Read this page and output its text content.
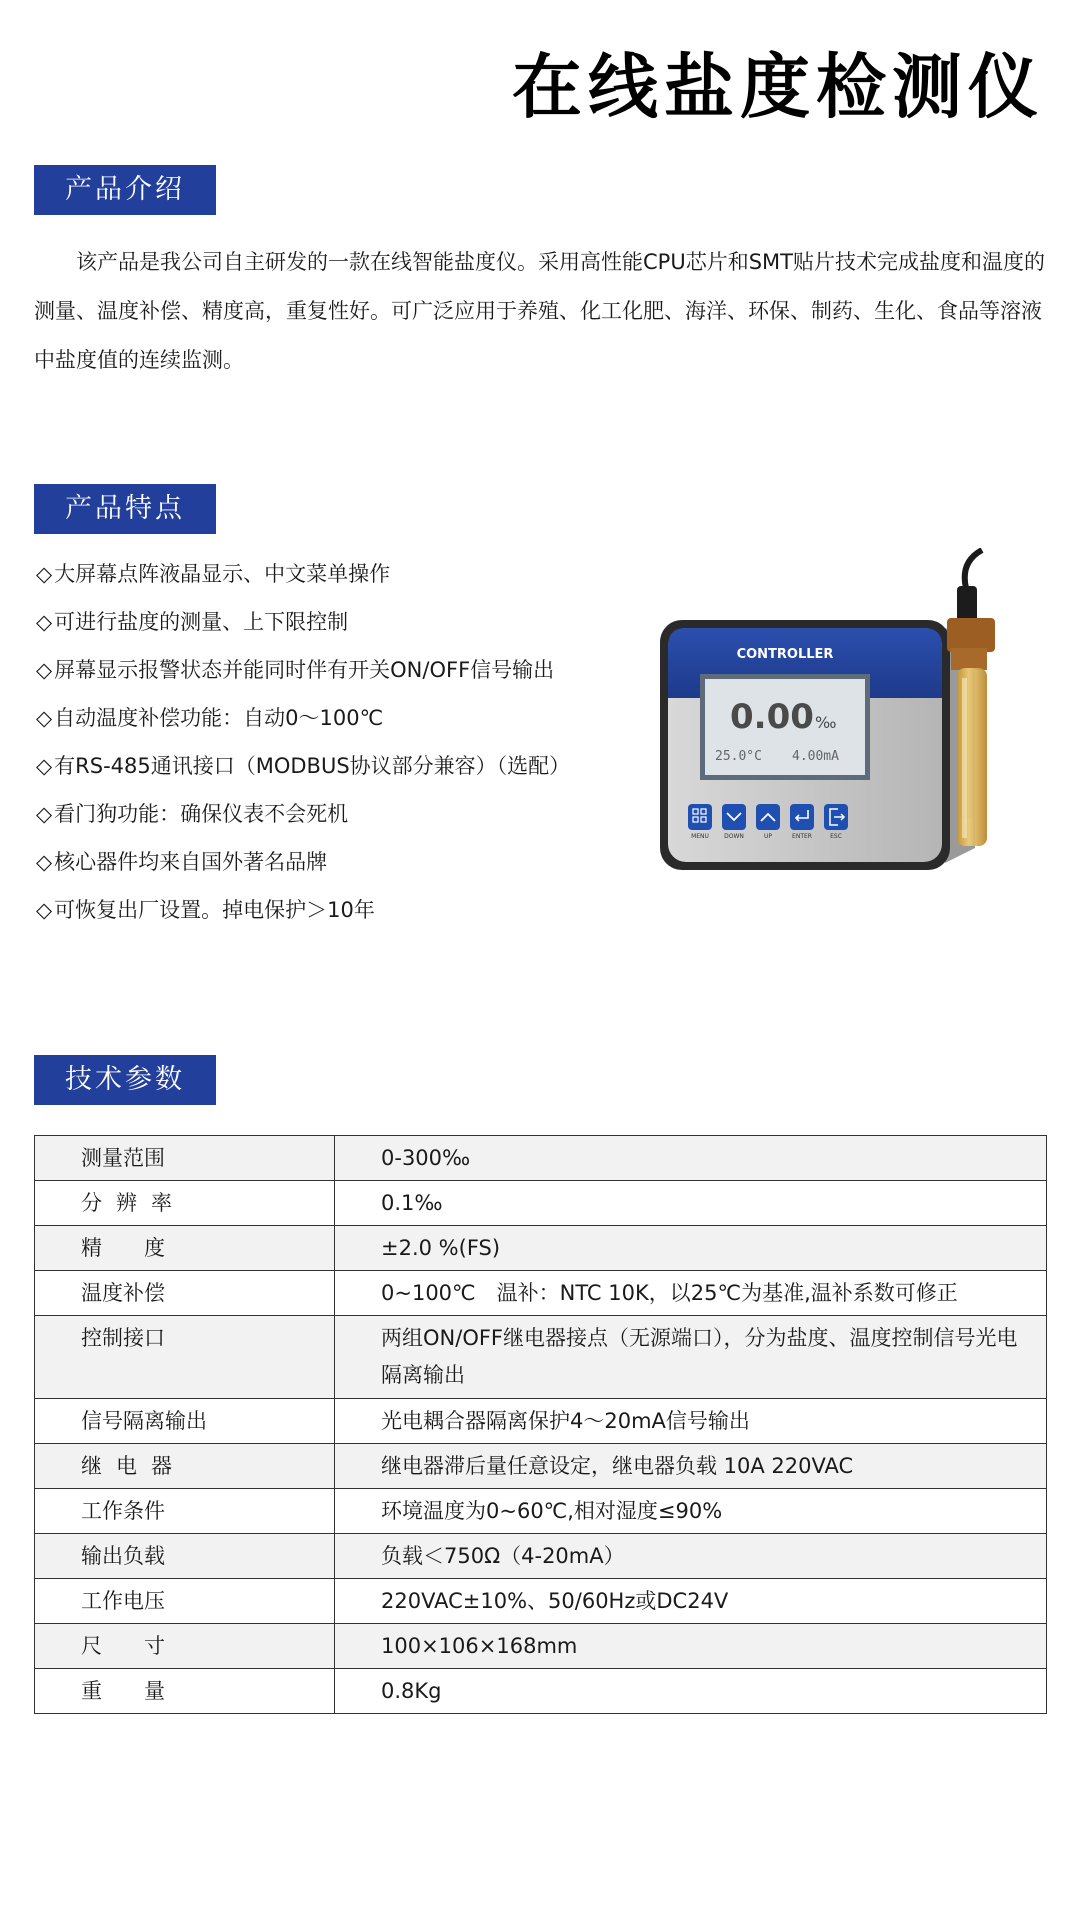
在线盐度检测仪
产品介绍

该产品是我公司自主研发的一款在线智能盐度仪。采用高性能CPU芯片和SMT贴片技术完成盐度和温度的测量、温度补偿、精度高，重复性好。可广泛应用于养殖、化工化肥、海洋、环保、制药、生化、食品等溶液中盐度值的连续监测。

产品特点
◇大屏幕点阵液晶显示、中文菜单操作
◇可进行盐度的测量、上下限控制
◇屏幕显示报警状态并能同时伴有开关ON/OFF信号输出
◇自动温度补偿功能：自动0～100℃
◇有RS-485通讯接口（MODBUS协议部分兼容）（选配）
◇看门狗功能：确保仪表不会死机
◇核心器件均来自国外著名品牌
◇可恢复出厂设置。掉电保护＞10年
CONTROLLER
0.00 ‰
25.0°C 4.00mA
MENU	DOWN	UP	ENTER	ESC
技术参数
测量范围	0-300‰
分辨率	0.1‰
精度	±2.0 %(FS)
温度补偿	0~100℃　温补：NTC 10K，以25℃为基准,温补系数可修正
控制接口	两组ON/OFF继电器接点（无源端口），分为盐度、温度控制信号光电隔离输出
信号隔离输出	光电耦合器隔离保护4～20mA信号输出
继电器	继电器滞后量任意设定，继电器负载 10A 220VAC
工作条件	环境温度为0~60℃,相对湿度≤90%
输出负载	负载＜750Ω（4-20mA）
工作电压	220VAC±10%、50/60Hz或DC24V
尺寸	100×106×168mm
重量	0.8Kg
